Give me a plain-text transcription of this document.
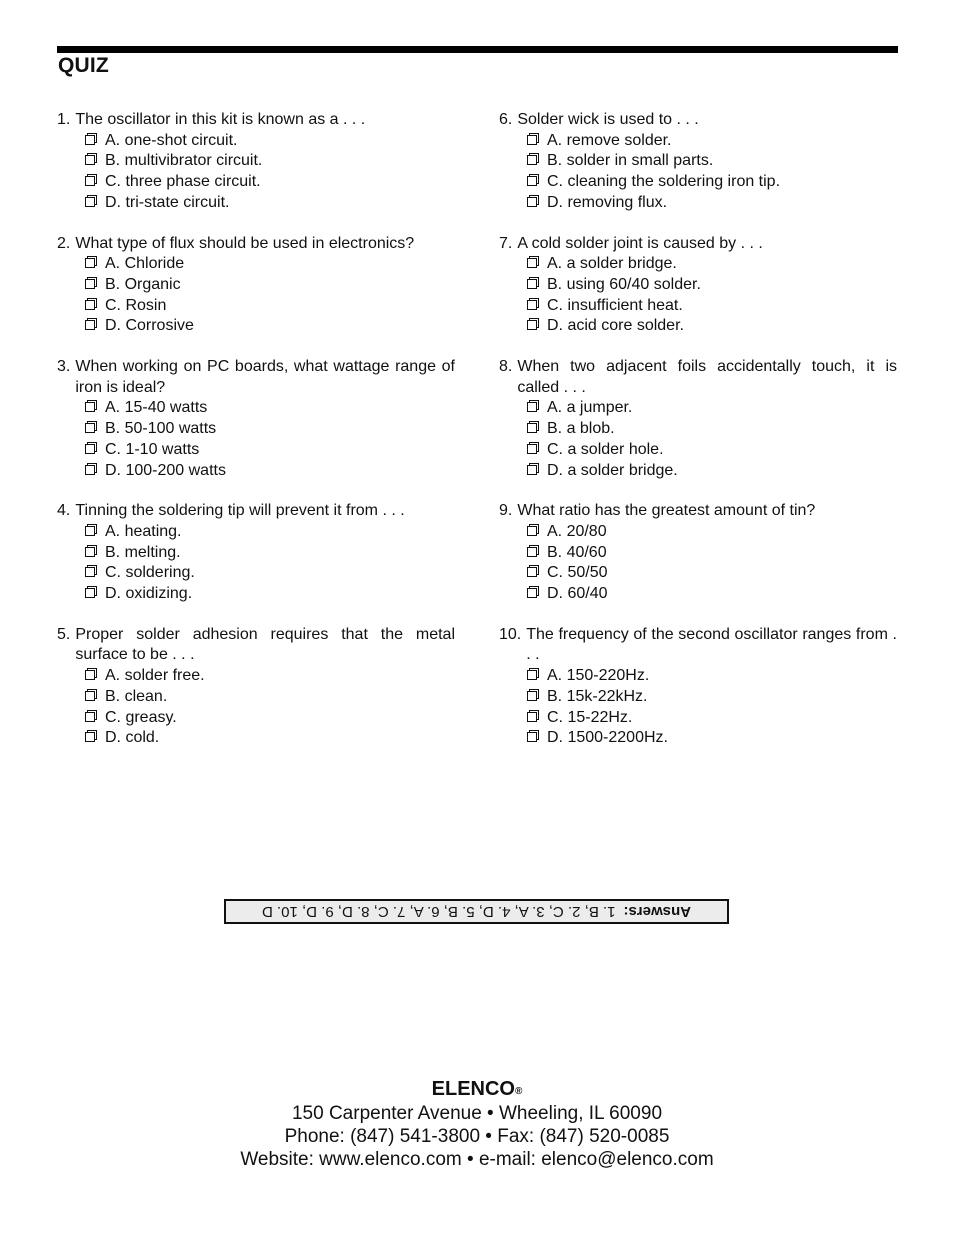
QUIZ
1. The oscillator in this kit is known as a . . .
A. one-shot circuit.
B. multivibrator circuit.
C. three phase circuit.
D. tri-state circuit.
2. What type of flux should be used in electronics?
A. Chloride
B. Organic
C. Rosin
D. Corrosive
3. When working on PC boards, what wattage range of iron is ideal?
A. 15-40 watts
B. 50-100 watts
C. 1-10 watts
D. 100-200 watts
4. Tinning the soldering tip will prevent it from . . .
A. heating.
B. melting.
C. soldering.
D. oxidizing.
5. Proper solder adhesion requires that the metal surface to be . . .
A. solder free.
B. clean.
C. greasy.
D. cold.
6. Solder wick is used to . . .
A. remove solder.
B. solder in small parts.
C. cleaning the soldering iron tip.
D. removing flux.
7. A cold solder joint is caused by . . .
A. a solder bridge.
B. using 60/40 solder.
C. insufficient heat.
D. acid core solder.
8. When two adjacent foils accidentally touch, it is called . . .
A. a jumper.
B. a blob.
C. a solder hole.
D. a solder bridge.
9. What ratio has the greatest amount of tin?
A. 20/80
B. 40/60
C. 50/50
D. 60/40
10. The frequency of the second oscillator ranges from . . .
A. 150-220Hz.
B. 15k-22kHz.
C. 15-22Hz.
D. 1500-2200Hz.
Answers:1. B, 2. C, 3. A, 4. D, 5. B, 6. A, 7. C, 8. D, 9. D, 10. D
ELENCO®
150 Carpenter Avenue • Wheeling, IL 60090
Phone: (847) 541-3800 • Fax: (847) 520-0085
Website: www.elenco.com • e-mail: elenco@elenco.com
